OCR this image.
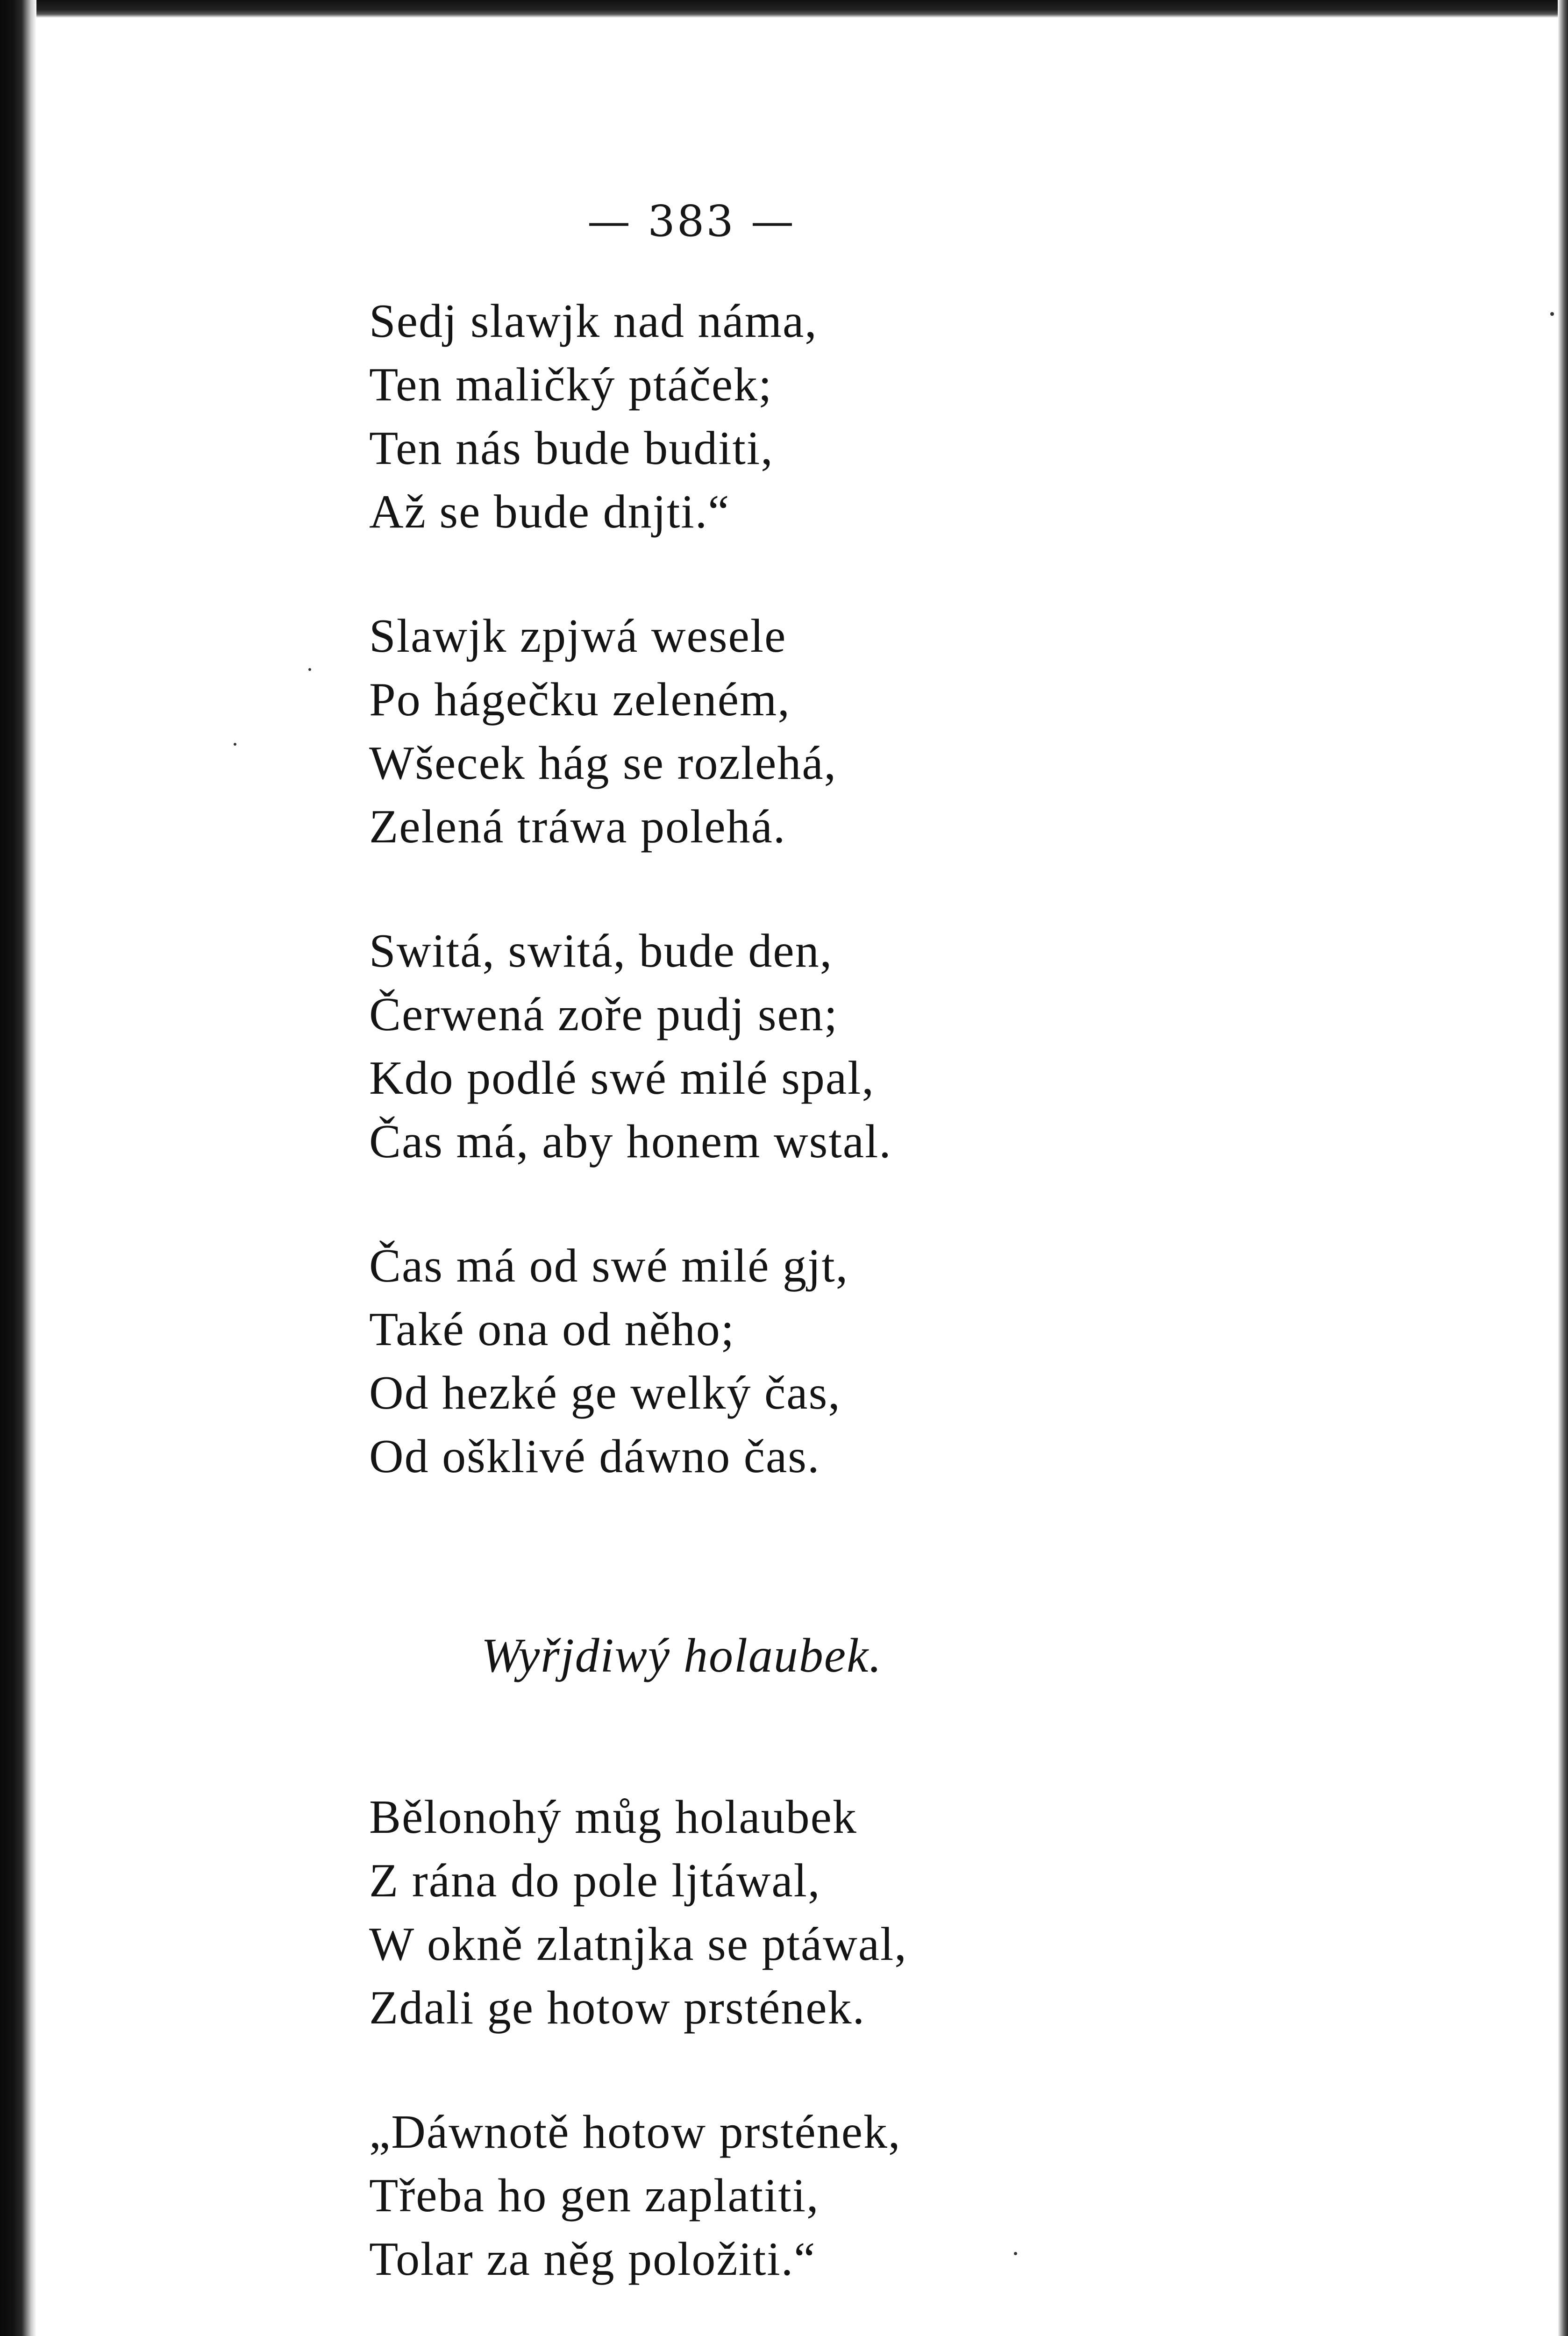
— 383 —
Sedj slawjk nad náma,
Ten maličký ptáček;
Ten nás bude buditi,
Až se bude dnjti.“
Slawjk zpjwá wesele
Po hágečku zeleném,
Wšecek hág se rozlehá,
Zelená tráwa polehá.
Switá, switá, bude den,
Čerwená zoře pudj sen;
Kdo podlé swé milé spal,
Čas má, aby honem wstal.
Čas má od swé milé gjt,
Také ona od něho;
Od hezké ge welký čas,
Od ošklivé dáwno čas.
Wyřjdiwý holaubek.
Bělonohý můg holaubek
Z rána do pole ljtáwal,
W okně zlatnjka se ptáwal,
Zdali ge hotow prstének.
„Dáwnotě hotow prstének,
Třeba ho gen zaplatiti,
Tolar za něg položiti.“
